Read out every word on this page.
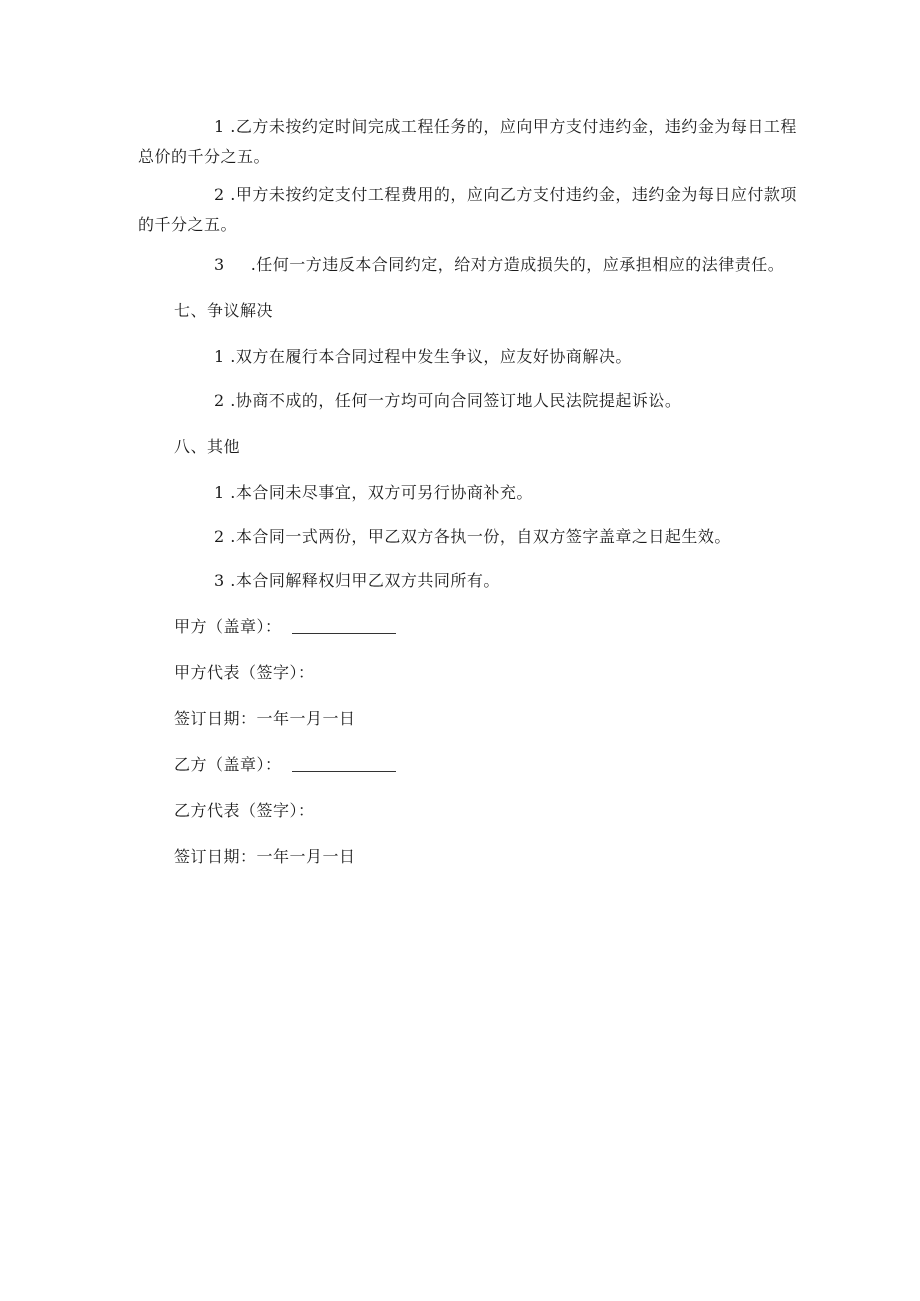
1 .乙方未按约定时间完成工程任务的，应向甲方支付违约金，违约金为每日工程总价的千分之五。

2 .甲方未按约定支付工程费用的，应向乙方支付违约金，违约金为每日应付款项的千分之五。

3 .任何一方违反本合同约定，给对方造成损失的，应承担相应的法律责任。

七、争议解决

1 .双方在履行本合同过程中发生争议，应友好协商解决。

2 .协商不成的，任何一方均可向合同签订地人民法院提起诉讼。

八、其他

1 .本合同未尽事宜，双方可另行协商补充。

2 .本合同一式两份，甲乙双方各执一份，自双方签字盖章之日起生效。

3 .本合同解释权归甲乙双方共同所有。

甲方（盖章）：

甲方代表（签字）：

签订日期：一年一月一日

乙方（盖章）：

乙方代表（签字）：

签订日期：一年一月一日
